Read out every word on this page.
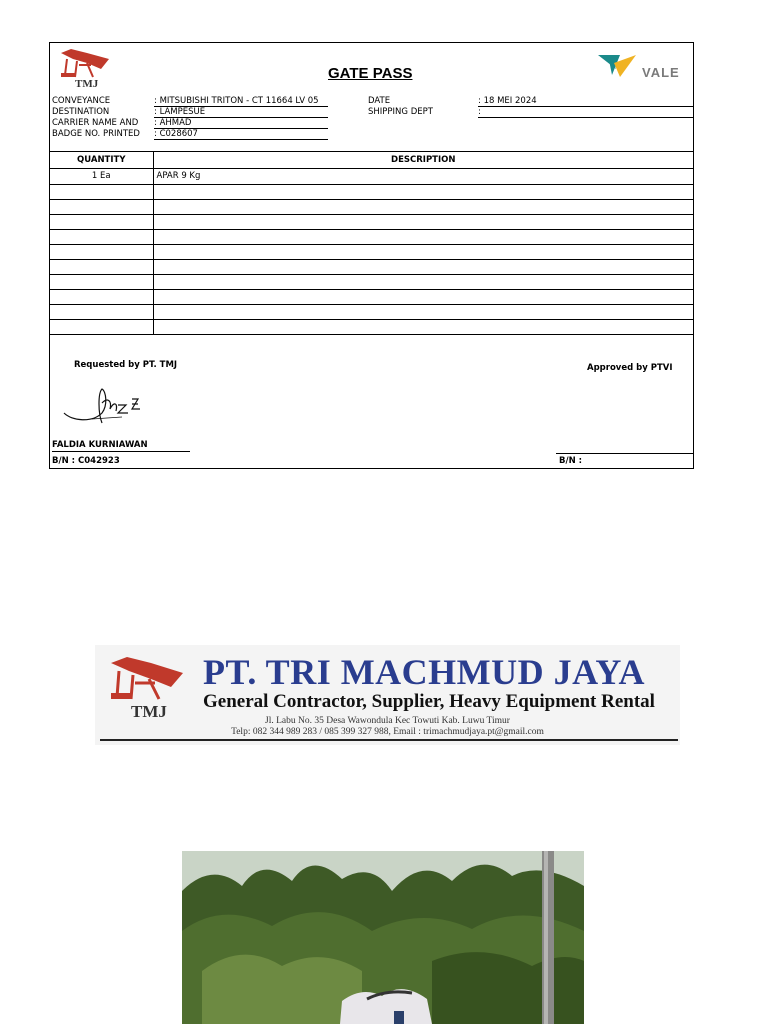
TMJ
GATE PASS	VALE
CONVEYANCE	: MITSUBISHI TRITON - CT 11664 LV 05
DESTINATION	: LAMPESUE
CARRIER NAME AND : AHMAD
BADGE NO. PRINTED : C028607
DATE	: 18 MEI 2024
SHIPPING DEPT	:
QUANTITY	DESCRIPTION
1 Ea	APAR 9 Kg

Requested by PT. TMJ	Approved by PTVI
FALDIA KURNIAWAN
B/N : C042923	B/N :
TMJ
PT. TRI MACHMUD JAYA
General Contractor, Supplier, Heavy Equipment Rental
Jl. Labu No. 35 Desa Wawondula Kec Towuti Kab. Luwu Timur
Telp: 082 344 989 283 / 085 399 327 988, Email : trimachmudjaya.pt@gmail.com
